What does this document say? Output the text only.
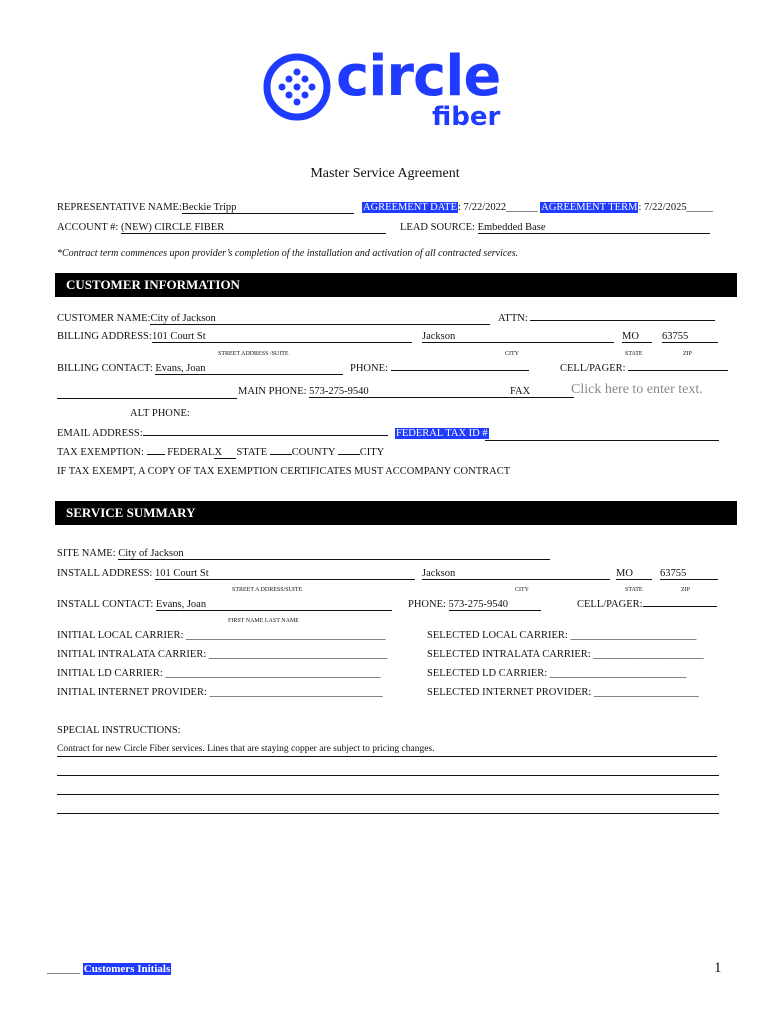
circle
fiber
Master Service Agreement
REPRESENTATIVE NAME:Beckie Tripp	AGREEMENT DATE: 7/22/2022______ AGREEMENT TERM: 7/22/2025_____
ACCOUNT #: (NEW) CIRCLE FIBER	LEAD SOURCE: Embedded Base
*Contract term commences upon provider’s completion of the installation and activation of all contracted services.
CUSTOMER INFORMATION
CUSTOMER NAME:City of Jackson	ATTN:
BILLING ADDRESS: 101 Court St	Jackson	MO	63755
STREET ADDRESS /SUITE	CITY	STATE	ZIP
BILLING CONTACT: Evans, Joan	PHONE:	CELL/PAGER:
MAIN PHONE: 573-275-9540	FAX	Click here to enter text.
ALT PHONE:
EMAIL ADDRESS:	FEDERAL TAX ID #
TAX EXEMPTION: FEDERALX STATE COUNTY CITY
IF TAX EXEMPT, A COPY OF TAX EXEMPTION CERTIFICATES MUST ACCOMPANY CONTRACT
SERVICE SUMMARY
SITE NAME: City of Jackson
INSTALL ADDRESS: 101 Court St	Jackson	MO	63755
STREET A DDRESS/SUITE	CITY	STATE	ZIP
INSTALL CONTACT: Evans, Joan	PHONE: 573-275-9540	CELL/PAGER:
FIRST NAME LAST NAME
INITIAL LOCAL CARRIER: ______________________________________	SELECTED LOCAL CARRIER: ________________________
INITIAL INTRALATA CARRIER: __________________________________	SELECTED INTRALATA CARRIER: _____________________
INITIAL LD CARRIER: _________________________________________	SELECTED LD CARRIER: __________________________
INITIAL INTERNET PROVIDER: _________________________________	SELECTED INTERNET PROVIDER: ____________________
SPECIAL INSTRUCTIONS:
Contract for new Circle Fiber services. Lines that are staying copper are subject to pricing changes.
______ Customers Initials	1
